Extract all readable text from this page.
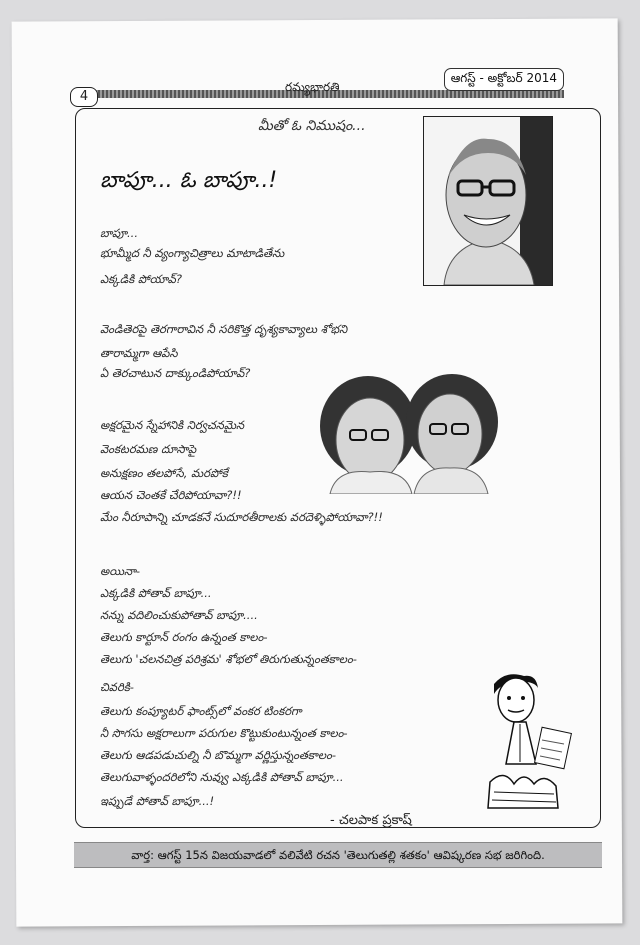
4
రమ్యభారతి
ఆగస్ట్ - అక్టోబర్ 2014
మీతో ఓ నిముషం...
బాపూ... ఓ బాపూ..!
బాపూ...
భూమ్మీద నీ వ్యంగ్యాచిత్రాలు మాటాడితేను
ఎక్కడికి పోయావ్?
వెండితెరపై తెరగారావిన నీ సరికొత్త దృశ్యకావ్యాలు శోభని
తారామ్మగా ఆపేసి
ఏ తెరచాటున దాక్కుండిపోయావ్?
అక్షరమైన స్నేహానికి నిర్వచనమైన
వెంకటరమణ దూసాపై
అనుక్షణం తలపోసే, మరపోకే
ఆయన చెంతకే చేరిపోయావా?!!
మేం నీరూపాన్ని చూడకనే సుదూరతీరాలకు వరదెళ్ళిపోయావా?!!
అయినా-
ఎక్కడికి పోతావ్ బాపూ...
నన్ను వదిలించుకుపోతావ్ బాపూ....
తెలుగు కార్టూన్ రంగం ఉన్నంత కాలం-
తెలుగు 'చలనచిత్ర పరిశ్రమ' శోభలో తిరుగుతున్నంతకాలం-
చివరికి-
తెలుగు కంప్యూటర్ ఫాంట్స్‌లో వంకర టింకరగా
నీ సొగసు అక్షరాలుగా పరుగుల కొట్టుకుంటున్నంత కాలం-
తెలుగు ఆడపడుచుల్ని నీ బొమ్మగా వర్ణిస్తున్నంతకాలం-
తెలుగువాళ్ళందరిలోని నువ్వు ఎక్కడికి పోతావ్ బాపూ...
ఇప్పుడే పోతావ్ బాపూ...!
- చలపాక ప్రకాష్
వార్త: ఆగస్ట్ 15న విజయవాడలో వలివేటి రచన 'తెలుగుతల్లి శతకం' ఆవిష్కరణ సభ జరిగింది.
